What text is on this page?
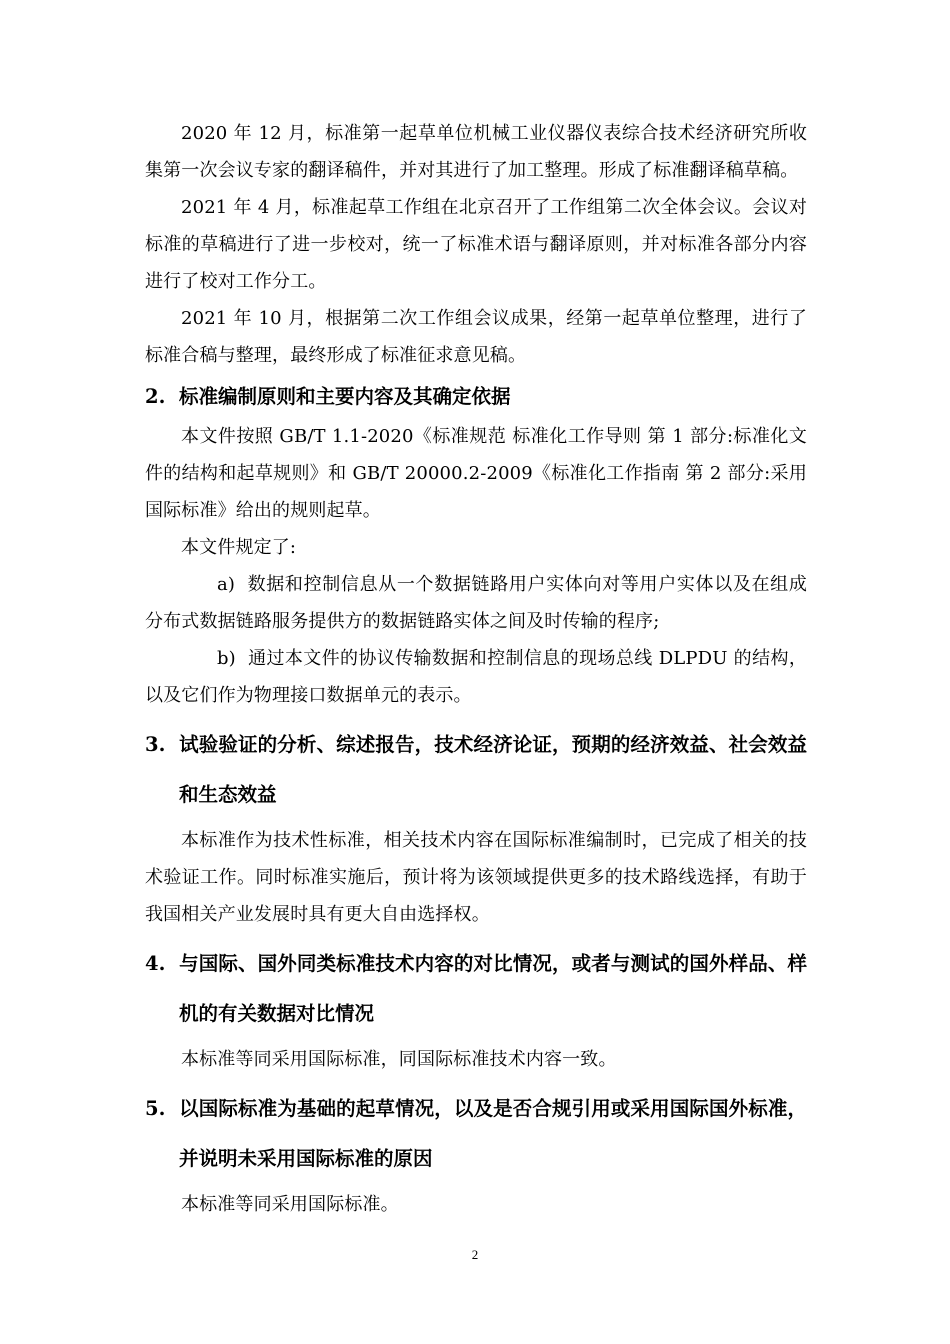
2020 年 12 月，标准第一起草单位机械工业仪器仪表综合技术经济研究所收集第一次会议专家的翻译稿件，并对其进行了加工整理。形成了标准翻译稿草稿。

2021 年 4 月，标准起草工作组在北京召开了工作组第二次全体会议。会议对标准的草稿进行了进一步校对，统一了标准术语与翻译原则，并对标准各部分内容进行了校对工作分工。

2021 年 10 月，根据第二次工作组会议成果，经第一起草单位整理，进行了标准合稿与整理，最终形成了标准征求意见稿。

2. 标准编制原则和主要内容及其确定依据

本文件按照 GB/T 1.1-2020《标准规范 标准化工作导则 第 1 部分:标准化文件的结构和起草规则》和 GB/T 20000.2-2009《标准化工作指南 第 2 部分:采用国际标准》给出的规则起草。

本文件规定了:

a) 数据和控制信息从一个数据链路用户实体向对等用户实体以及在组成分布式数据链路服务提供方的数据链路实体之间及时传输的程序;

b) 通过本文件的协议传输数据和控制信息的现场总线 DLPDU 的结构，以及它们作为物理接口数据单元的表示。

3. 试验验证的分析、综述报告，技术经济论证，预期的经济效益、社会效益和生态效益

本标准作为技术性标准，相关技术内容在国际标准编制时，已完成了相关的技术验证工作。同时标准实施后，预计将为该领域提供更多的技术路线选择，有助于我国相关产业发展时具有更大自由选择权。

4. 与国际、国外同类标准技术内容的对比情况，或者与测试的国外样品、样机的有关数据对比情况

本标准等同采用国际标准，同国际标准技术内容一致。

5. 以国际标准为基础的起草情况，以及是否合规引用或采用国际国外标准，并说明未采用国际标准的原因

本标准等同采用国际标准。

2
